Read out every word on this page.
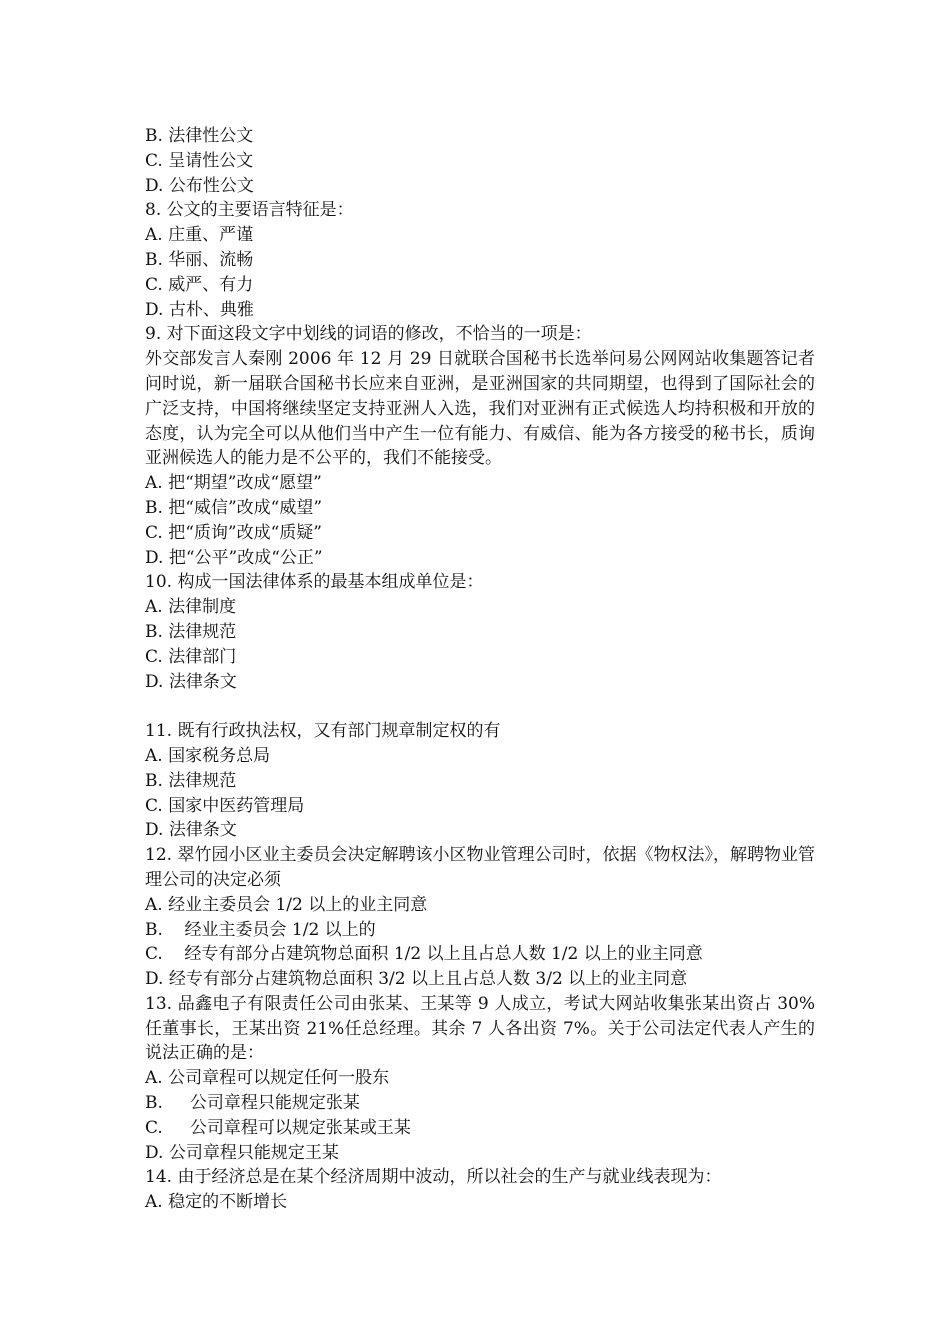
B. 法律性公文
C. 呈请性公文
D. 公布性公文
8. 公文的主要语言特征是：
A. 庄重、严谨
B. 华丽、流畅
C. 威严、有力
D. 古朴、典雅
9. 对下面这段文字中划线的词语的修改，不恰当的一项是：
外交部发言人秦刚 2006 年 12 月 29 日就联合国秘书长选举问易公网网站收集题答记者问时说，新一届联合国秘书长应来自亚洲，是亚洲国家的共同期望，也得到了国际社会的广泛支持，中国将继续坚定支持亚洲人入选，我们对亚洲有正式候选人均持积极和开放的态度，认为完全可以从他们当中产生一位有能力、有威信、能为各方接受的秘书长，质询亚洲候选人的能力是不公平的，我们不能接受。
A. 把“期望”改成“愿望”
B. 把“威信”改成“威望”
C. 把“质询”改成“质疑”
D. 把“公平”改成“公正”
10. 构成一国法律体系的最基本组成单位是：
A. 法律制度
B. 法律规范
C. 法律部门
D. 法律条文
11. 既有行政执法权，又有部门规章制定权的有
A. 国家税务总局
B. 法律规范
C. 国家中医药管理局
D. 法律条文
12. 翠竹园小区业主委员会决定解聘该小区物业管理公司时，依据《物权法》，解聘物业管理公司的决定必须
A. 经业主委员会 1/2 以上的业主同意
B.    经业主委员会 1/2 以上的
C.    经专有部分占建筑物总面积 1/2 以上且占总人数 1/2 以上的业主同意
D. 经专有部分占建筑物总面积 3/2 以上且占总人数 3/2 以上的业主同意
13. 品鑫电子有限责任公司由张某、王某等 9 人成立，考试大网站收集张某出资占 30%任董事长，王某出资 21%任总经理。其余 7 人各出资 7%。关于公司法定代表人产生的说法正确的是：
A. 公司章程可以规定任何一股东
B.     公司章程只能规定张某
C.     公司章程可以规定张某或王某
D. 公司章程只能规定王某
14. 由于经济总是在某个经济周期中波动，所以社会的生产与就业线表现为：
A. 稳定的不断增长
